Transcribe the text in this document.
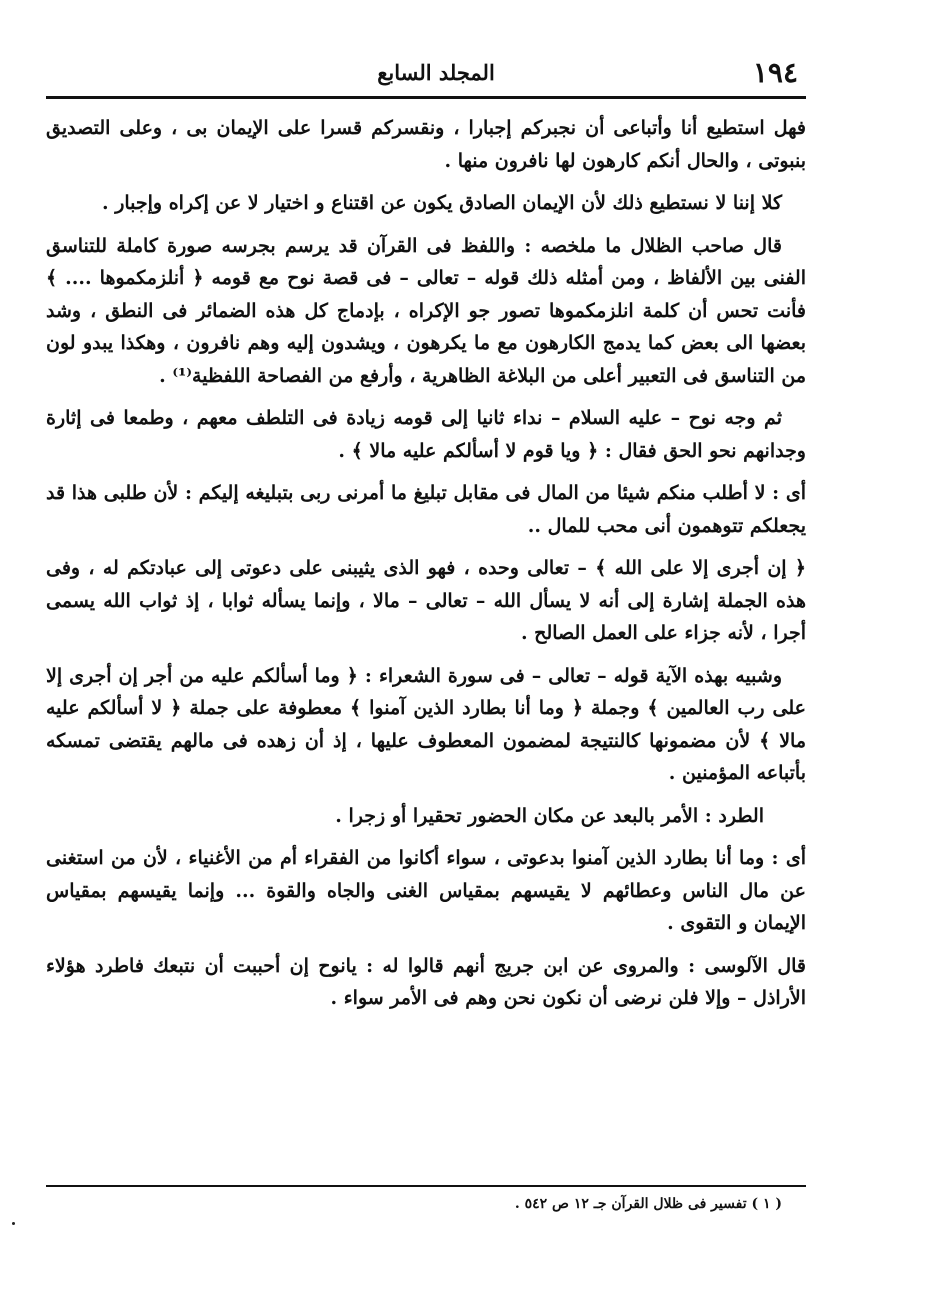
١٩٤
المجلد السابع

فهل استطيع أنا وأتباعى أن نجبركم إجبارا ، ونقسركم قسرا على الإيمان بى ، وعلى التصديق بنبوتى ، والحال أنكم كارهون لها نافرون منها .

كلا إننا لا نستطيع ذلك لأن الإيمان الصادق يكون عن اقتناع و اختيار لا عن إكراه وإجبار .

قال صاحب الظلال ما ملخصه : واللفظ فى القرآن قد يرسم بجرسه صورة كاملة للتناسق الفنى بين الألفاظ ، ومن أمثله ذلك قوله – تعالى – فى قصة نوح مع قومه ﴿ أنلزمكموها .... ﴾ فأنت تحس أن كلمة انلزمكموها تصور جو الإكراه ، بإدماج كل هذه الضمائر فى النطق ، وشد بعضها الى بعض كما يدمج الكارهون مع ما يكرهون ، ويشدون إليه وهم نافرون ، وهكذا يبدو لون من التناسق فى التعبير أعلى من البلاغة الظاهرية ، وأرفع من الفصاحة اللفظية⁽¹⁾ .

ثم وجه نوح – عليه السلام – نداء ثانيا إلى قومه زيادة فى التلطف معهم ، وطمعا فى إثارة وجدانهم نحو الحق فقال : ﴿ ويا قوم لا أسألكم عليه مالا ﴾ .

أى : لا أطلب منكم شيئا من المال فى مقابل تبليغ ما أمرنى ربى بتبليغه إليكم : لأن طلبى هذا قد يجعلكم تتوهمون أنى محب للمال ..

﴿ إن أجرى إلا على الله ﴾ – تعالى وحده ، فهو الذى يثيبنى على دعوتى إلى عبادتكم له ، وفى هذه الجملة إشارة إلى أنه لا يسأل الله – تعالى – مالا ، وإنما يسأله ثوابا ، إذ ثواب الله يسمى أجرا ، لأنه جزاء على العمل الصالح .

وشبيه بهذه الآية قوله – تعالى – فى سورة الشعراء : ﴿ وما أسألكم عليه من أجر إن أجرى إلا على رب العالمين ﴾ وجملة ﴿ وما أنا بطارد الذين آمنوا ﴾ معطوفة على جملة ﴿ لا أسألكم عليه مالا ﴾ لأن مضمونها كالنتيجة لمضمون المعطوف عليها ، إذ أن زهده فى مالهم يقتضى تمسكه بأتباعه المؤمنين .

الطرد : الأمر بالبعد عن مكان الحضور تحقيرا أو زجرا .

أى : وما أنا بطارد الذين آمنوا بدعوتى ، سواء أكانوا من الفقراء أم من الأغنياء ، لأن من استغنى عن مال الناس وعطائهم لا يقيسهم بمقياس الغنى والجاه والقوة ... وإنما يقيسهم بمقياس الإيمان و التقوى .

قال الآلوسى : والمروى عن ابن جريج أنهم قالوا له : يانوح إن أحببت أن نتبعك فاطرد هؤلاء الأراذل – وإلا فلن نرضى أن نكون نحن وهم فى الأمر سواء .

( ١ ) تفسير فى ظلال القرآن جـ ١٢ ص ٥٤٢ .
